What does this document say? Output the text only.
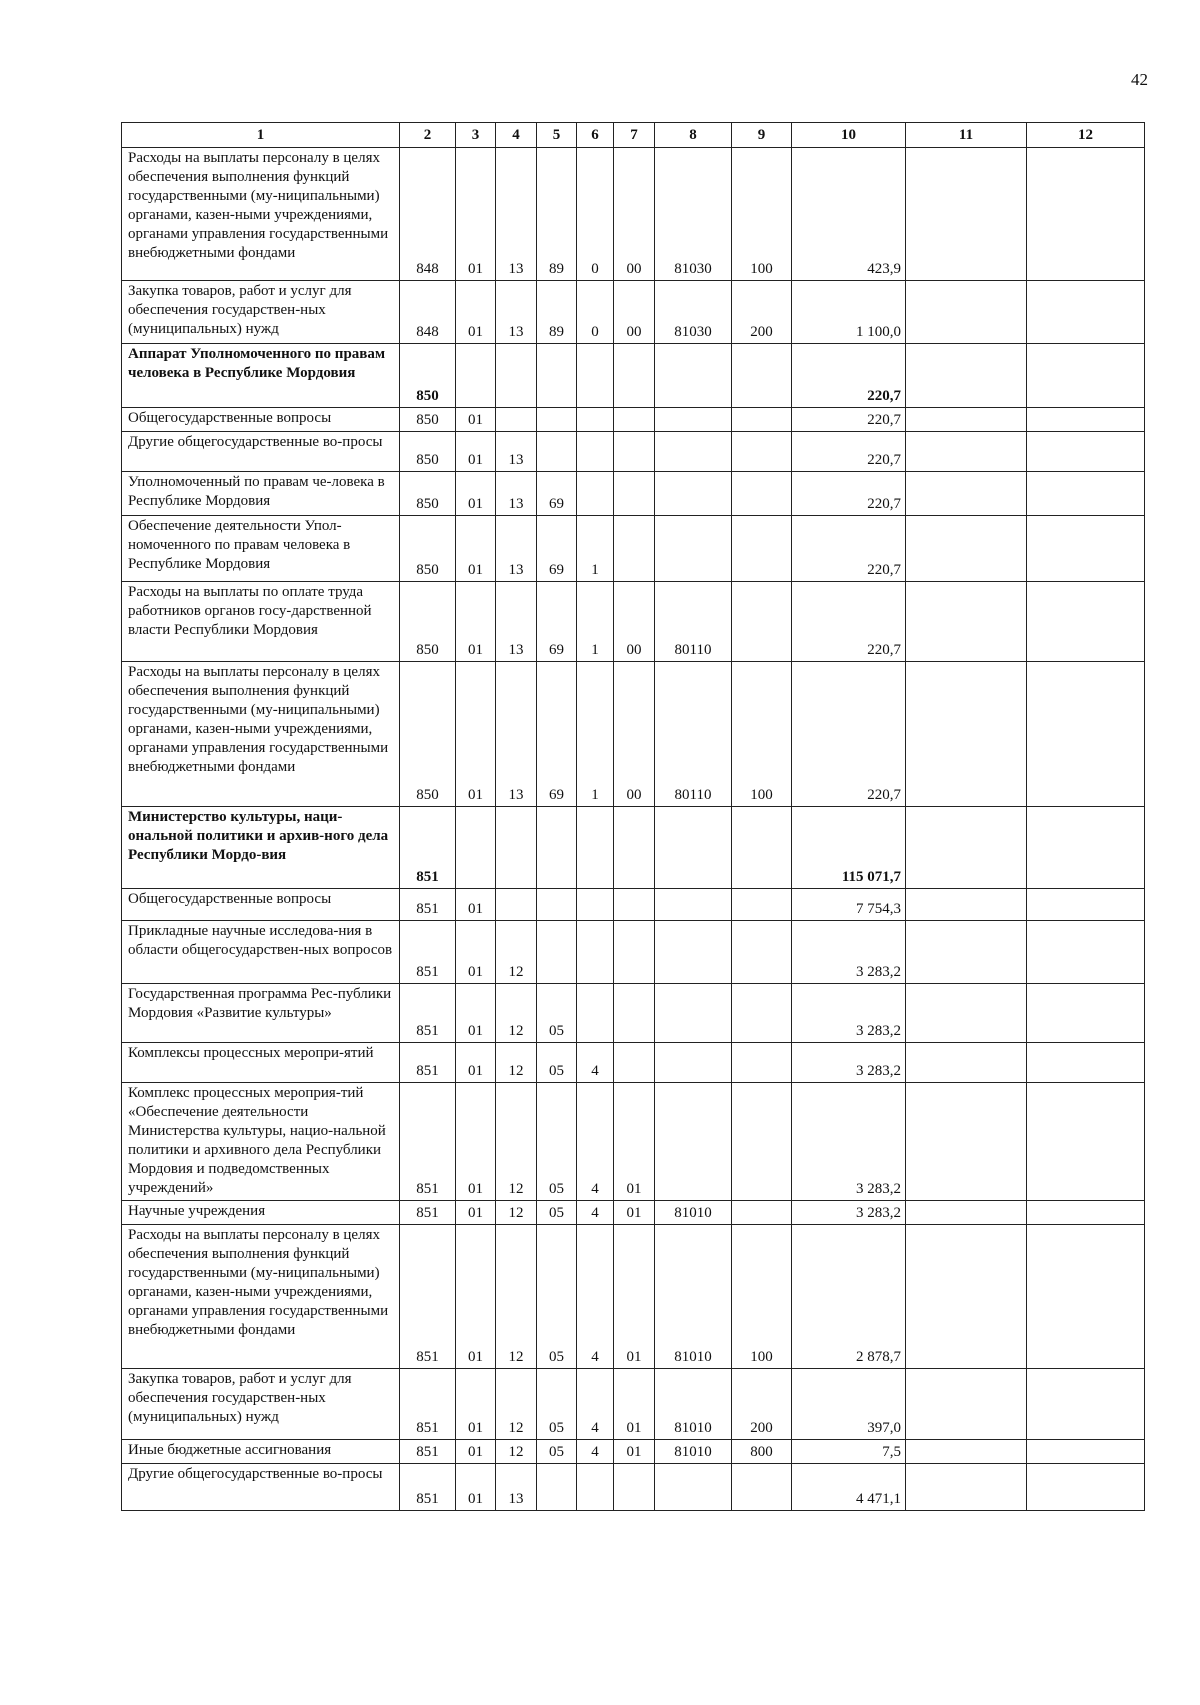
42
1	2	3	4	5	6	7	8	9	10	11	12
Расходы на выплаты персоналу в целях обеспечения выполнения функций государственными (му-ниципальными) органами, казен-ными учреждениями, органами управления государственными внебюджетными фондами	848	01	13	89	0	00	81030	100	423,9		
Закупка товаров, работ и услуг для обеспечения государствен-ных (муниципальных) нужд	848	01	13	89	0	00	81030	200	1 100,0		
Аппарат Уполномоченного по правам человека в Республике Мордовия	850								220,7		
Общегосударственные вопросы	850	01							220,7		
Другие общегосударственные во-просы	850	01	13						220,7		
Уполномоченный по правам че-ловека в Республике Мордовия	850	01	13	69					220,7		
Обеспечение деятельности Упол-номоченного по правам человека в Республике Мордовия	850	01	13	69	1				220,7		
Расходы на выплаты по оплате труда работников органов госу-дарственной власти Республики Мордовия	850	01	13	69	1	00	80110		220,7		
Расходы на выплаты персоналу в целях обеспечения выполнения функций государственными (му-ниципальными) органами, казен-ными учреждениями, органами управления государственными внебюджетными фондами	850	01	13	69	1	00	80110	100	220,7		
Министерство культуры, наци-ональной политики и архив-ного дела Республики Мордо-вия	851								115 071,7		
Общегосударственные вопросы	851	01							7 754,3		
Прикладные научные исследова-ния в области общегосударствен-ных вопросов	851	01	12						3 283,2		
Государственная программа Рес-публики Мордовия «Развитие культуры»	851	01	12	05					3 283,2		
Комплексы процессных меропри-ятий	851	01	12	05	4				3 283,2		
Комплекс процессных мероприя-тий «Обеспечение деятельности Министерства культуры, нацио-нальной политики и архивного дела Республики Мордовия и подведомственных учреждений»	851	01	12	05	4	01			3 283,2		
Научные учреждения	851	01	12	05	4	01	81010		3 283,2		
Расходы на выплаты персоналу в целях обеспечения выполнения функций государственными (му-ниципальными) органами, казен-ными учреждениями, органами управления государственными внебюджетными фондами	851	01	12	05	4	01	81010	100	2 878,7		
Закупка товаров, работ и услуг для обеспечения государствен-ных (муниципальных) нужд	851	01	12	05	4	01	81010	200	397,0		
Иные бюджетные ассигнования	851	01	12	05	4	01	81010	800	7,5		
Другие общегосударственные во-просы	851	01	13						4 471,1		
